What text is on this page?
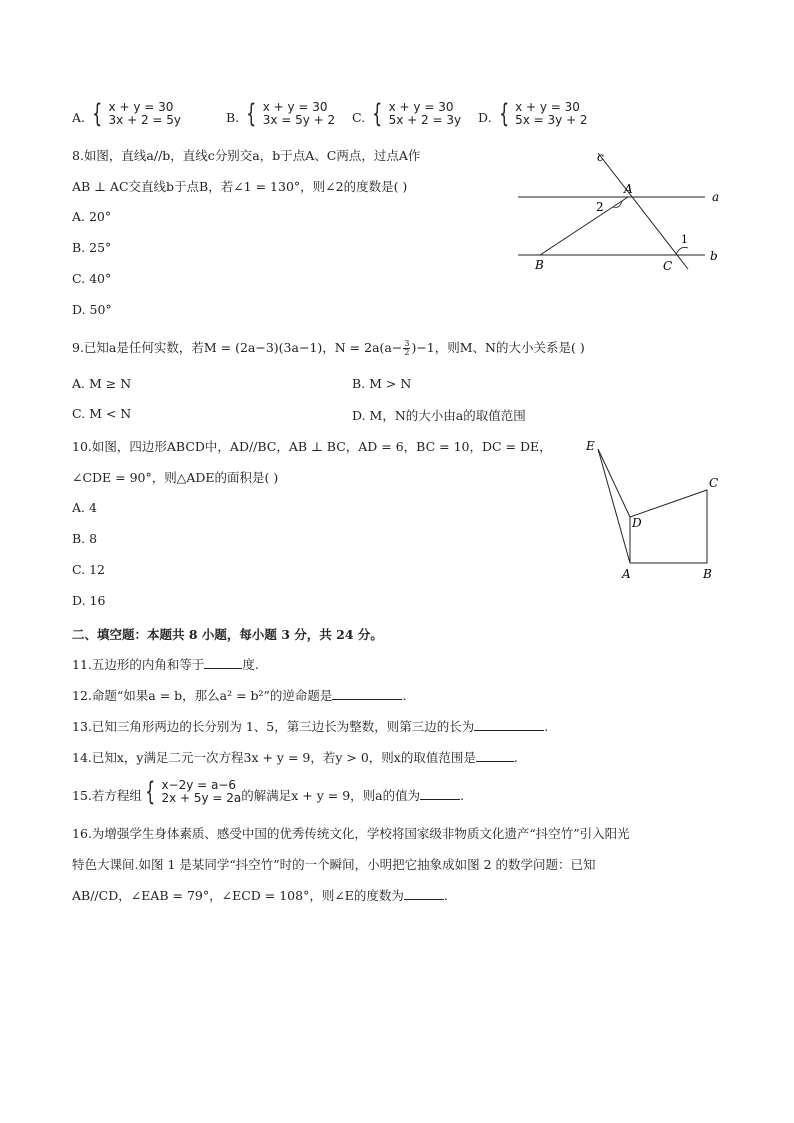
A. { x + y = 30
3x + 2 = 5y	B. { x + y = 30
3x = 5y + 2 C. { x + y = 30
5x + 2 = 3y D. { x + y = 30
5x = 3y + 2
8.如图，直线a//b，直线c分别交a，b于点A、C两点，过点A作
AB ⊥ AC交直线b于点B，若∠1 = 130°，则∠2的度数是( )
A. 20°
B. 25°
C. 40°
D. 50°
c
A
a
2
1
B	C
b
9.已知a是任何实数，若M = (2a−3)(3a−1)，$N = 2a(a- \frac{3}{2} )-1$，则M、N的大小关系是( )
A. M ≥ N	B. M > N
C. M < N	D. M，N的大小由a的取值范围
10.如图，四边形ABCD中，AD//BC，AB ⊥ BC，AD = 6，BC = 10，DC = DE，
∠CDE = 90°，则△ADE的面积是( )
A. 4
B. 8
C. 12
D. 16
E
C
D
A	B
二、填空题：本题共 8 小题，每小题 3 分，共 24 分。
11.五边形的内角和等于	度.
12.命题“如果a = b，那么a² = b²”的逆命题是	.
13.已知三角形两边的长分别为 1、5，第三边长为整数，则第三边的长为	.
14.已知x，y满足二元一次方程3x + y = 9，若y > 0，则x的取值范围是	.
15.若方程组 { x−2y = a−6
2x + 5y = 2a 的解满足x + y = 9，则a的值为	.
16.为增强学生身体素质、感受中国的优秀传统文化，学校将国家级非物质文化遗产“抖空竹”引入阳光
特色大课间.如图 1 是某同学“抖空竹”时的一个瞬间，小明把它抽象成如图 2 的数学问题：已知
AB//CD，∠EAB = 79°，∠ECD = 108°，则∠E的度数为	.
